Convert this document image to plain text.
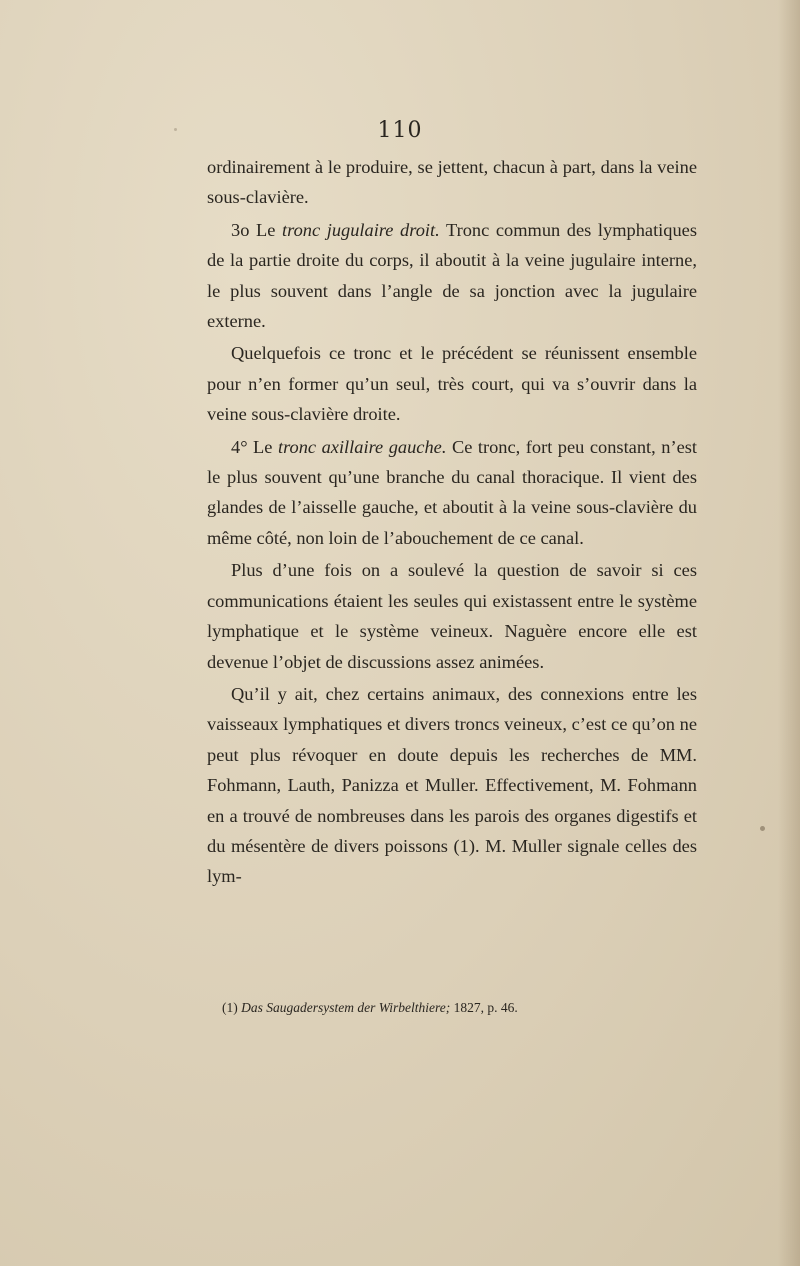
110

ordinairement à le produire, se jettent, chacun à part, dans la veine sous-clavière.

3o Le tronc jugulaire droit. Tronc commun des lymphatiques de la partie droite du corps, il aboutit à la veine jugulaire interne, le plus souvent dans l’angle de sa jonction avec la jugulaire externe.

Quelquefois ce tronc et le précédent se réunissent ensemble pour n’en former qu’un seul, très court, qui va s’ouvrir dans la veine sous-clavière droite.

4° Le tronc axillaire gauche. Ce tronc, fort peu constant, n’est le plus souvent qu’une branche du canal thoracique. Il vient des glandes de l’aisselle gauche, et aboutit à la veine sous-clavière du même côté, non loin de l’abouchement de ce canal.

Plus d’une fois on a soulevé la question de savoir si ces communications étaient les seules qui existassent entre le système lymphatique et le système veineux. Naguère encore elle est devenue l’objet de discussions assez animées.

Qu’il y ait, chez certains animaux, des connexions entre les vaisseaux lymphatiques et divers troncs veineux, c’est ce qu’on ne peut plus révoquer en doute depuis les recherches de MM. Fohmann, Lauth, Panizza et Muller. Effectivement, M. Fohmann en a trouvé de nombreuses dans les parois des organes digestifs et du mésentère de divers poissons (1). M. Muller signale celles des lym-

(1) Das Saugadersystem der Wirbelthiere; 1827, p. 46.
